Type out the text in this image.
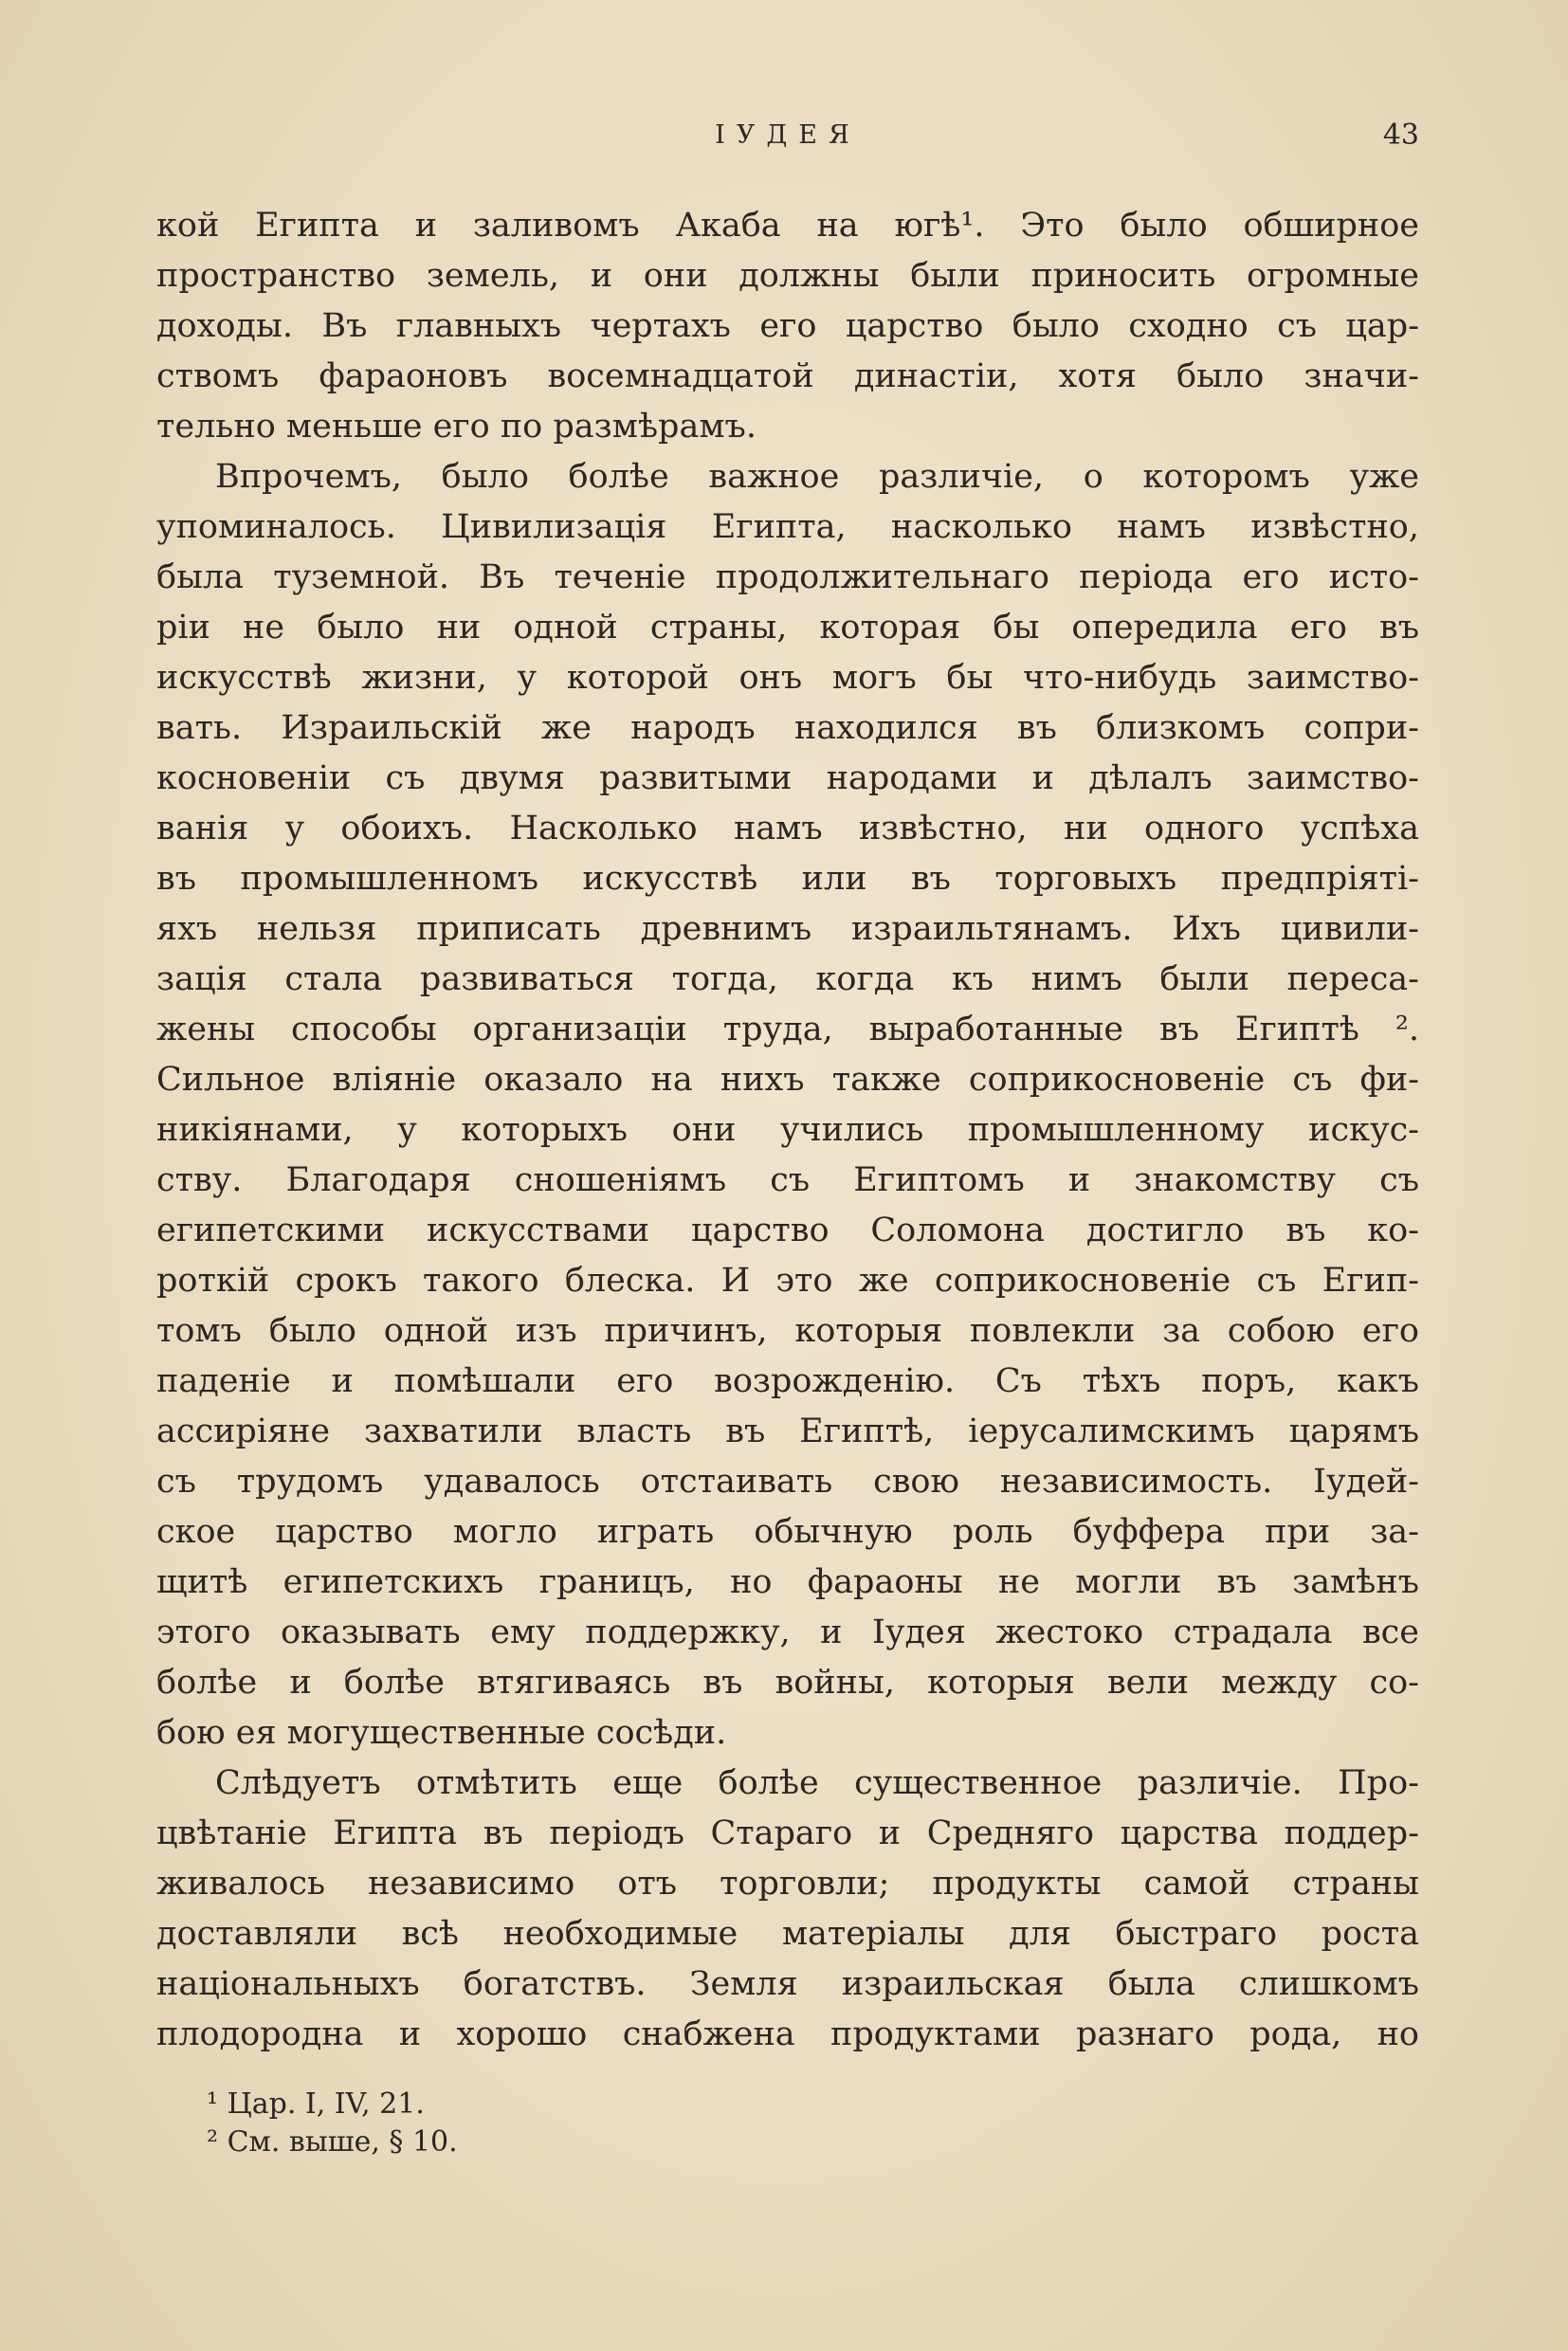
ІУДЕЯ	43
кой Египта и заливомъ Акаба на югѣ¹. Это было обширное
пространство земель, и они должны были приносить огромные
доходы. Въ главныхъ чертахъ его царство было сходно съ цар-
ствомъ фараоновъ восемнадцатой династіи, хотя было значи-
тельно меньше его по размѣрамъ.
Впрочемъ, было болѣе важное различіе, о которомъ уже
упоминалось. Цивилизація Египта, насколько намъ извѣстно,
была туземной. Въ теченіе продолжительнаго періода его исто-
ріи не было ни одной страны, которая бы опередила его въ
искусствѣ жизни, у которой онъ могъ бы что-нибудь заимство-
вать. Израильскій же народъ находился въ близкомъ сопри-
косновеніи съ двумя развитыми народами и дѣлалъ заимство-
ванія у обоихъ. Насколько намъ извѣстно, ни одного успѣха
въ промышленномъ искусствѣ или въ торговыхъ предпріяті-
яхъ нельзя приписать древнимъ израильтянамъ. Ихъ цивили-
зація стала развиваться тогда, когда къ нимъ были переса-
жены способы организаціи труда, выработанные въ Египтѣ ².
Сильное вліяніе оказало на нихъ также соприкосновеніе съ фи-
никіянами, у которыхъ они учились промышленному искус-
ству. Благодаря сношеніямъ съ Египтомъ и знакомству съ
египетскими искусствами царство Соломона достигло въ ко-
роткій срокъ такого блеска. И это же соприкосновеніе съ Егип-
томъ было одной изъ причинъ, которыя повлекли за собою его
паденіе и помѣшали его возрожденію. Съ тѣхъ поръ, какъ
ассиріяне захватили власть въ Египтѣ, іерусалимскимъ царямъ
съ трудомъ удавалось отстаивать свою независимость. Іудей-
ское царство могло играть обычную роль буффера при за-
щитѣ египетскихъ границъ, но фараоны не могли въ замѣнъ
этого оказывать ему поддержку, и Іудея жестоко страдала все
болѣе и болѣе втягиваясь въ войны, которыя вели между со-
бою ея могущественные сосѣди.
Слѣдуетъ отмѣтить еще болѣе существенное различіе. Про-
цвѣтаніе Египта въ періодъ Стараго и Средняго царства поддер-
живалось независимо отъ торговли; продукты самой страны
доставляли всѣ необходимые матеріалы для быстраго роста
національныхъ богатствъ. Земля израильская была слишкомъ
плодородна и хорошо снабжена продуктами разнаго рода, но
¹ Цар. I, IV, 21.
² См. выше, § 10.
